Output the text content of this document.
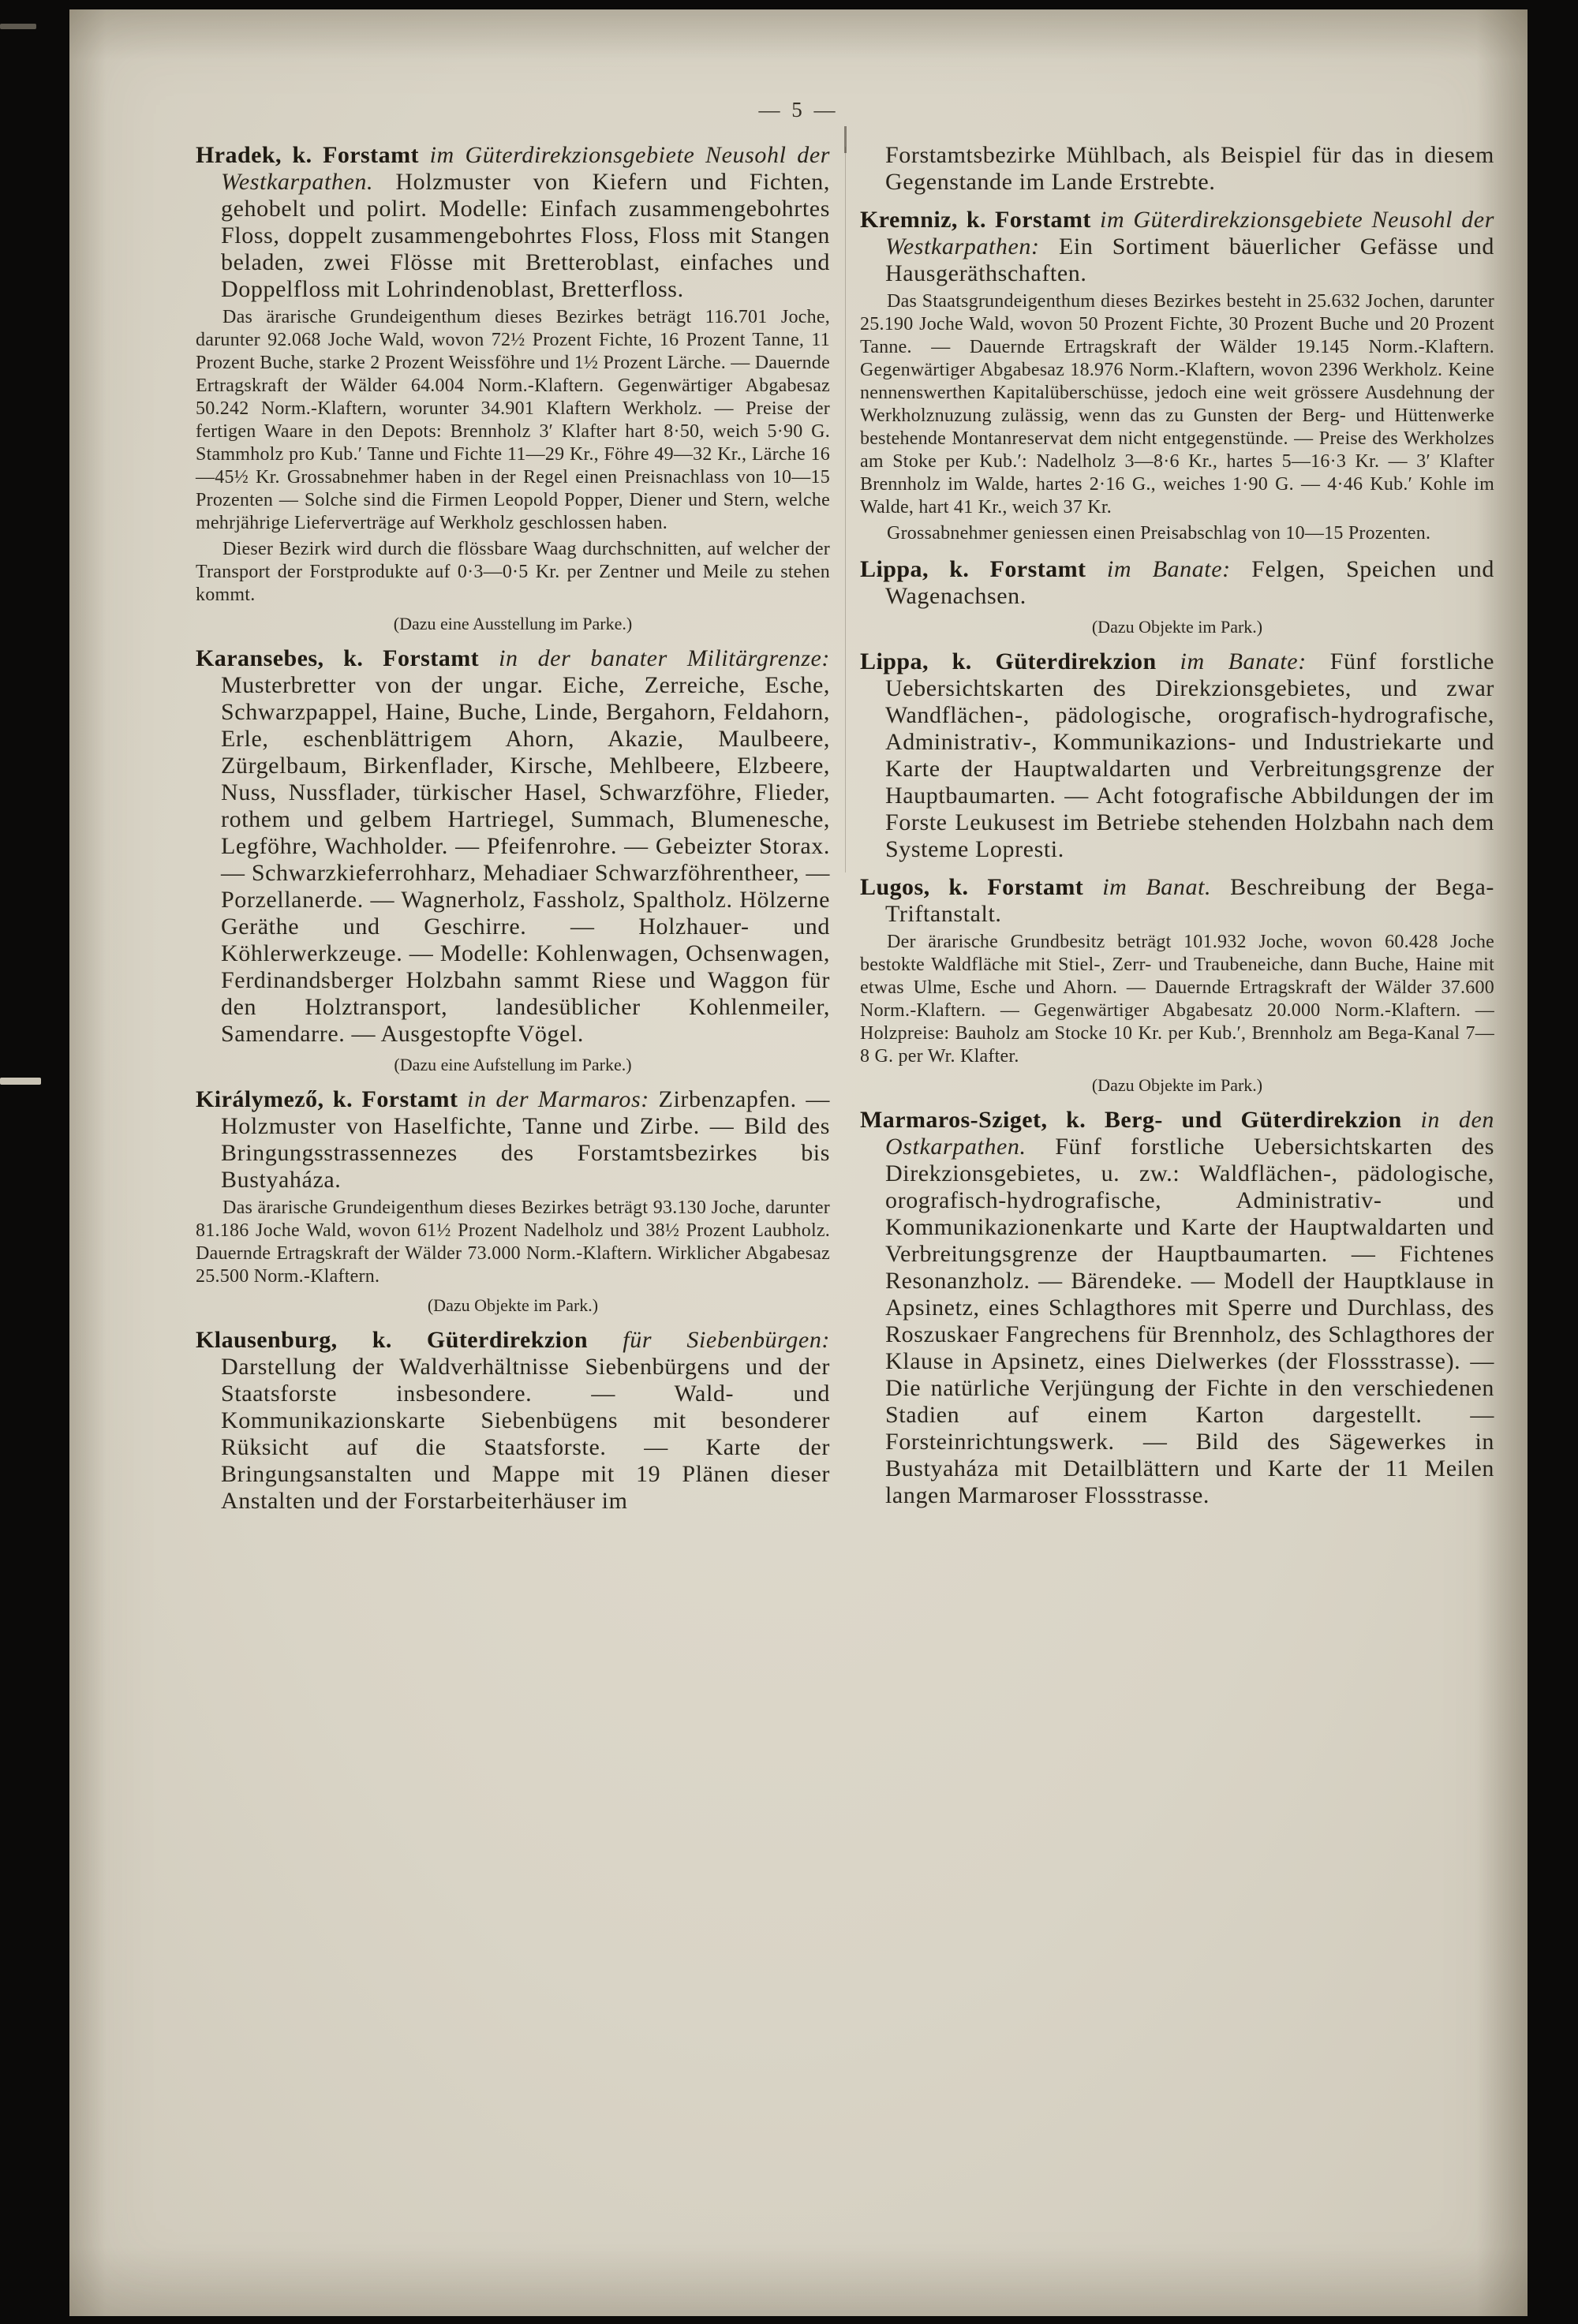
— 5 —

Hradek, k. Forstamt im Güterdirekzionsgebiete Neusohl der Westkarpathen. Holzmuster von Kiefern und Fichten, gehobelt und polirt. Modelle: Einfach zusammengebohrtes Floss, doppelt zusammengebohrtes Floss, Floss mit Stangen beladen, zwei Flösse mit Bretteroblast, einfaches und Doppelfloss mit Lohrindenoblast, Bretterfloss.

Das ärarische Grundeigenthum dieses Bezirkes beträgt 116.701 Joche, darunter 92.068 Joche Wald, wovon 72½ Prozent Fichte, 16 Prozent Tanne, 11 Prozent Buche, starke 2 Prozent Weissföhre und 1½ Prozent Lärche. — Dauernde Ertragskraft der Wälder 64.004 Norm.-Klaftern. Gegenwärtiger Abgabesaz 50.242 Norm.-Klaftern, worunter 34.901 Klaftern Werkholz. — Preise der fertigen Waare in den Depots: Brennholz 3′ Klafter hart 8·50, weich 5·90 G. Stammholz pro Kub.′ Tanne und Fichte 11—29 Kr., Föhre 49—32 Kr., Lärche 16—45½ Kr. Grossabnehmer haben in der Regel einen Preisnachlass von 10—15 Prozenten — Solche sind die Firmen Leopold Popper, Diener und Stern, welche mehrjährige Lieferverträge auf Werkholz geschlossen haben.

Dieser Bezirk wird durch die flössbare Waag durchschnitten, auf welcher der Transport der Forstprodukte auf 0·3—0·5 Kr. per Zentner und Meile zu stehen kommt.

(Dazu eine Ausstellung im Parke.)

Karansebes, k. Forstamt in der banater Militärgrenze: Musterbretter von der ungar. Eiche, Zerreiche, Esche, Schwarzpappel, Haine, Buche, Linde, Bergahorn, Feldahorn, Erle, eschenblättrigem Ahorn, Akazie, Maulbeere, Zürgelbaum, Birkenflader, Kirsche, Mehlbeere, Elzbeere, Nuss, Nussflader, türkischer Hasel, Schwarzföhre, Flieder, rothem und gelbem Hartriegel, Summach, Blumenesche, Legföhre, Wachholder. — Pfeifenrohre. — Gebeizter Storax. — Schwarzkieferrohharz, Mehadiaer Schwarzföhrentheer, — Porzellanerde. — Wagnerholz, Fassholz, Spaltholz. Hölzerne Geräthe und Geschirre. — Holzhauer- und Köhlerwerkzeuge. — Modelle: Kohlenwagen, Ochsenwagen, Ferdinandsberger Holzbahn sammt Riese und Waggon für den Holztransport, landesüblicher Kohlenmeiler, Samendarre. — Ausgestopfte Vögel.

(Dazu eine Aufstellung im Parke.)

Királymező, k. Forstamt in der Marmaros: Zirbenzapfen. — Holzmuster von Haselfichte, Tanne und Zirbe. — Bild des Bringungsstrassennezes des Forstamtsbezirkes bis Bustyaháza.

Das ärarische Grundeigenthum dieses Bezirkes beträgt 93.130 Joche, darunter 81.186 Joche Wald, wovon 61½ Prozent Nadelholz und 38½ Prozent Laubholz. Dauernde Ertragskraft der Wälder 73.000 Norm.-Klaftern. Wirklicher Abgabesaz 25.500 Norm.-Klaftern.

(Dazu Objekte im Park.)

Klausenburg, k. Güterdirekzion für Siebenbürgen: Darstellung der Waldverhältnisse Siebenbürgens und der Staatsforste insbesondere. — Wald- und Kommunikazionskarte Siebenbügens mit besonderer Rüksicht auf die Staatsforste. — Karte der Bringungsanstalten und Mappe mit 19 Plänen dieser Anstalten und der Forstarbeiterhäuser im

Forstamtsbezirke Mühlbach, als Beispiel für das in diesem Gegenstande im Lande Erstrebte.

Kremniz, k. Forstamt im Güterdirekzionsgebiete Neusohl der Westkarpathen: Ein Sortiment bäuerlicher Gefässe und Hausgeräthschaften.

Das Staatsgrundeigenthum dieses Bezirkes besteht in 25.632 Jochen, darunter 25.190 Joche Wald, wovon 50 Prozent Fichte, 30 Prozent Buche und 20 Prozent Tanne. — Dauernde Ertragskraft der Wälder 19.145 Norm.-Klaftern. Gegenwärtiger Abgabesaz 18.976 Norm.-Klaftern, wovon 2396 Werkholz. Keine nennenswerthen Kapitalüberschüsse, jedoch eine weit grössere Ausdehnung der Werkholznuzung zulässig, wenn das zu Gunsten der Berg- und Hüttenwerke bestehende Montanreservat dem nicht entgegenstünde. — Preise des Werkholzes am Stoke per Kub.′: Nadelholz 3—8·6 Kr., hartes 5—16·3 Kr. — 3′ Klafter Brennholz im Walde, hartes 2·16 G., weiches 1·90 G. — 4·46 Kub.′ Kohle im Walde, hart 41 Kr., weich 37 Kr.

Grossabnehmer geniessen einen Preisabschlag von 10—15 Prozenten.

Lippa, k. Forstamt im Banate: Felgen, Speichen und Wagenachsen.

(Dazu Objekte im Park.)

Lippa, k. Güterdirekzion im Banate: Fünf forstliche Uebersichtskarten des Direkzionsgebietes, und zwar Wandflächen-, pädologische, orografisch-hydrografische, Administrativ-, Kommunikazions- und Industriekarte und Karte der Hauptwaldarten und Verbreitungsgrenze der Hauptbaumarten. — Acht fotografische Abbildungen der im Forste Leukusest im Betriebe stehenden Holzbahn nach dem Systeme Lopresti.

Lugos, k. Forstamt im Banat. Beschreibung der Bega-Triftanstalt.

Der ärarische Grundbesitz beträgt 101.932 Joche, wovon 60.428 Joche bestokte Waldfläche mit Stiel-, Zerr- und Traubeneiche, dann Buche, Haine mit etwas Ulme, Esche und Ahorn. — Dauernde Ertragskraft der Wälder 37.600 Norm.-Klaftern. — Gegenwärtiger Abgabesatz 20.000 Norm.-Klaftern. — Holzpreise: Bauholz am Stocke 10 Kr. per Kub.′, Brennholz am Bega-Kanal 7—8 G. per Wr. Klafter.

(Dazu Objekte im Park.)

Marmaros-Sziget, k. Berg- und Güterdirekzion in den Ostkarpathen. Fünf forstliche Uebersichtskarten des Direkzionsgebietes, u. zw.: Waldflächen-, pädologische, orografisch-hydrografische, Administrativ- und Kommunikazionenkarte und Karte der Hauptwaldarten und Verbreitungsgrenze der Hauptbaumarten. — Fichtenes Resonanzholz. — Bärendeke. — Modell der Hauptklause in Apsinetz, eines Schlagthores mit Sperre und Durchlass, des Roszuskaer Fangrechens für Brennholz, des Schlagthores der Klause in Apsinetz, eines Dielwerkes (der Flossstrasse). — Die natürliche Verjüngung der Fichte in den verschiedenen Stadien auf einem Karton dargestellt. — Forsteinrichtungswerk. — Bild des Sägewerkes in Bustyaháza mit Detailblättern und Karte der 11 Meilen langen Marmaroser Flossstrasse.
